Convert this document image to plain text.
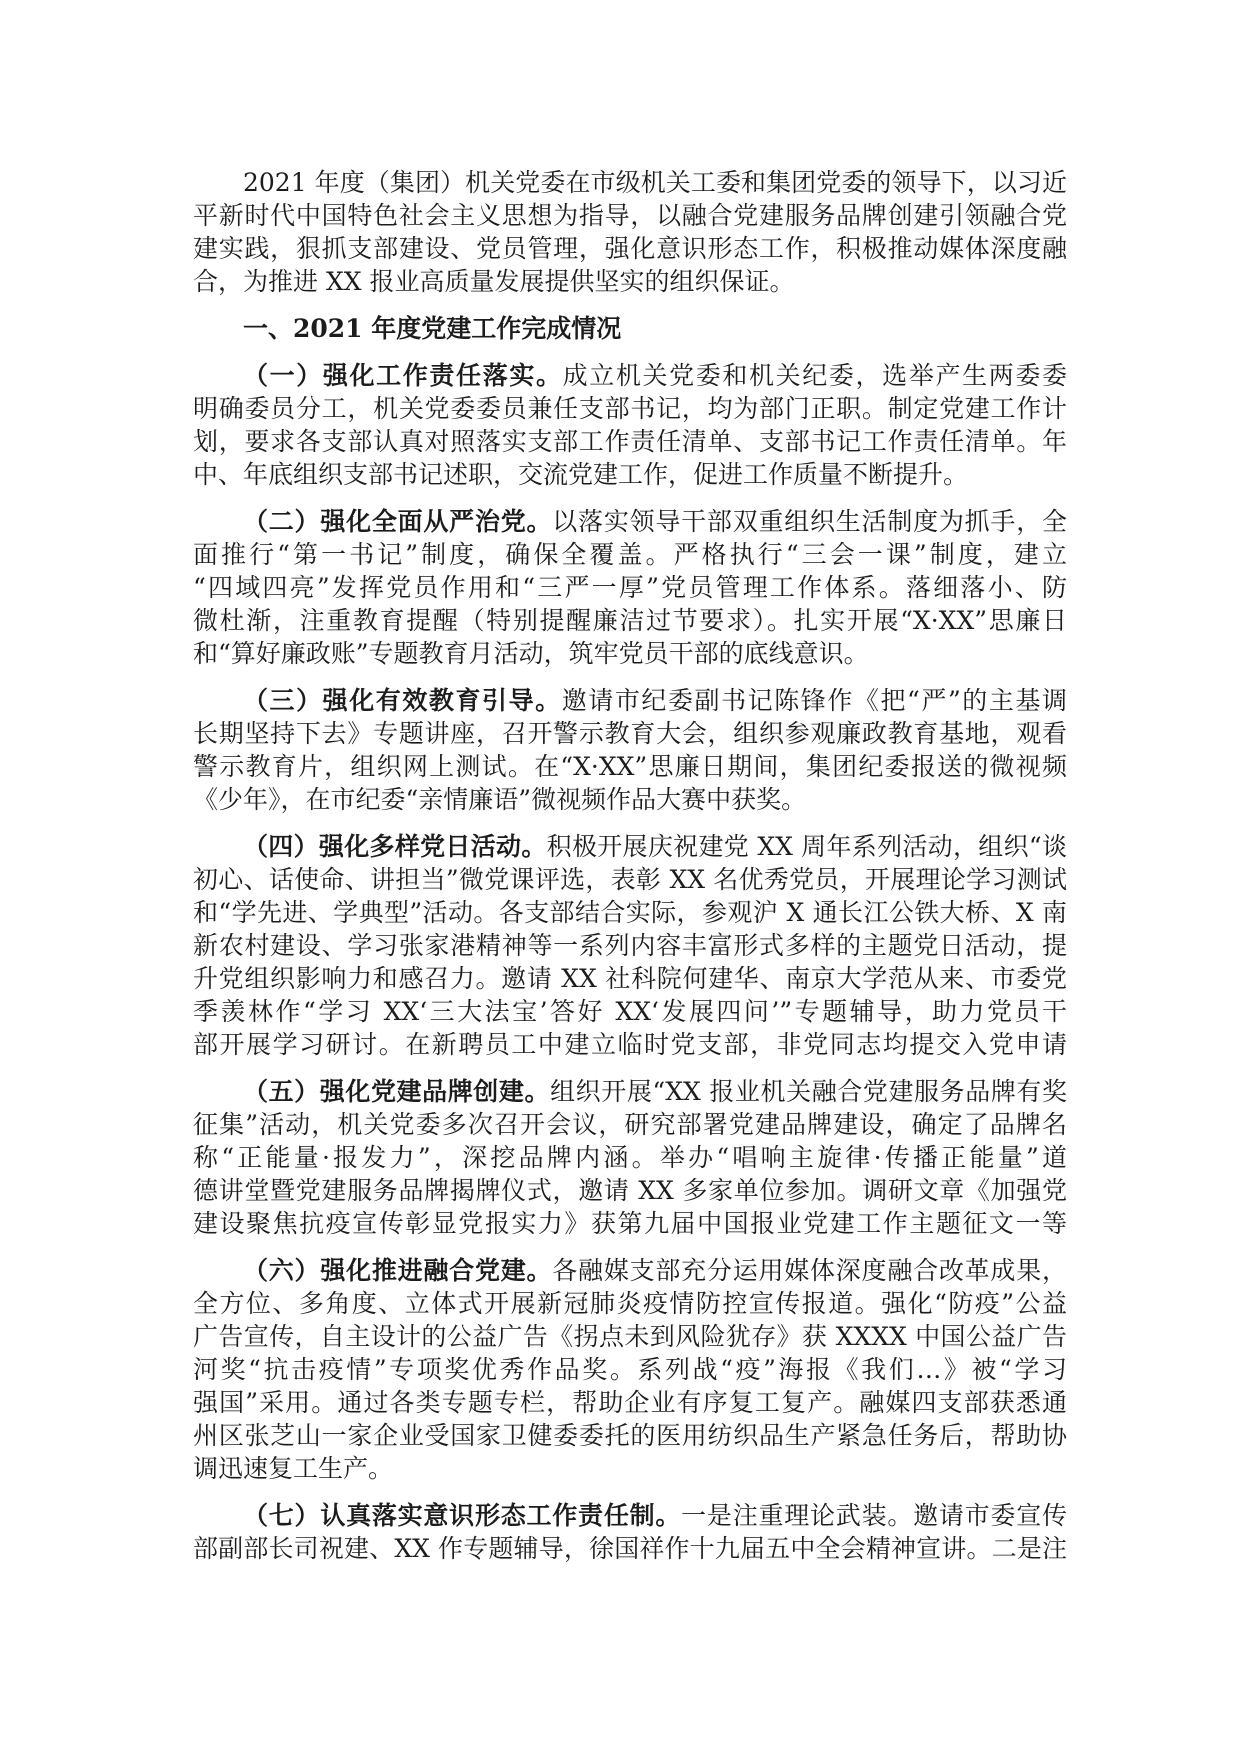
2021 年度（集团）机关党委在市级机关工委和集团党委的领导下，以习近
平新时代中国特色社会主义思想为指导，以融合党建服务品牌创建引领融合党
建实践，狠抓支部建设、党员管理，强化意识形态工作，积极推动媒体深度融
合，为推进 XX 报业高质量发展提供坚实的组织保证。
一、2021 年度党建工作完成情况
（一）强化工作责任落实。成立机关党委和机关纪委，选举产生两委委
明确委员分工，机关党委委员兼任支部书记，均为部门正职。制定党建工作计
划，要求各支部认真对照落实支部工作责任清单、支部书记工作责任清单。年
中、年底组织支部书记述职，交流党建工作，促进工作质量不断提升。
（二）强化全面从严治党。以落实领导干部双重组织生活制度为抓手，全
面推行“第一书记”制度，确保全覆盖。严格执行“三会一课”制度，建立
“四域四亮”发挥党员作用和“三严一厚”党员管理工作体系。落细落小、防
微杜渐，注重教育提醒（特别提醒廉洁过节要求）。扎实开展“X·XX”思廉日
和“算好廉政账”专题教育月活动，筑牢党员干部的底线意识。
（三）强化有效教育引导。邀请市纪委副书记陈锋作《把“严”的主基调
长期坚持下去》专题讲座，召开警示教育大会，组织参观廉政教育基地，观看
警示教育片，组织网上测试。在“X·XX”思廉日期间，集团纪委报送的微视频
《少年》，在市纪委“亲情廉语”微视频作品大赛中获奖。
（四）强化多样党日活动。积极开展庆祝建党 XX 周年系列活动，组织“谈
初心、话使命、讲担当”微党课评选，表彰 XX 名优秀党员，开展理论学习测试
和“学先进、学典型”活动。各支部结合实际，参观沪 X 通长江公铁大桥、X 南
新农村建设、学习张家港精神等一系列内容丰富形式多样的主题党日活动，提
升党组织影响力和感召力。邀请 XX 社科院何建华、南京大学范从来、市委党
季羡林作“学习 XX‘三大法宝’答好 XX‘发展四问’”专题辅导，助力党员干
部开展学习研讨。在新聘员工中建立临时党支部，非党同志均提交入党申请
（五）强化党建品牌创建。组织开展“XX 报业机关融合党建服务品牌有奖
征集”活动，机关党委多次召开会议，研究部署党建品牌建设，确定了品牌名
称“正能量·报发力”，深挖品牌内涵。举办“唱响主旋律·传播正能量”道
德讲堂暨党建服务品牌揭牌仪式，邀请 XX 多家单位参加。调研文章《加强党
建设聚焦抗疫宣传彰显党报实力》获第九届中国报业党建工作主题征文一等
（六）强化推进融合党建。各融媒支部充分运用媒体深度融合改革成果，
全方位、多角度、立体式开展新冠肺炎疫情防控宣传报道。强化“防疫”公益
广告宣传，自主设计的公益广告《拐点未到风险犹存》获 XXXX 中国公益广告
河奖“抗击疫情”专项奖优秀作品奖。系列战“疫”海报《我们…》被“学习
强国”采用。通过各类专题专栏，帮助企业有序复工复产。融媒四支部获悉通
州区张芝山一家企业受国家卫健委委托的医用纺织品生产紧急任务后，帮助协
调迅速复工生产。
（七）认真落实意识形态工作责任制。一是注重理论武装。邀请市委宣传
部副部长司祝建、XX 作专题辅导，徐国祥作十九届五中全会精神宣讲。二是注
